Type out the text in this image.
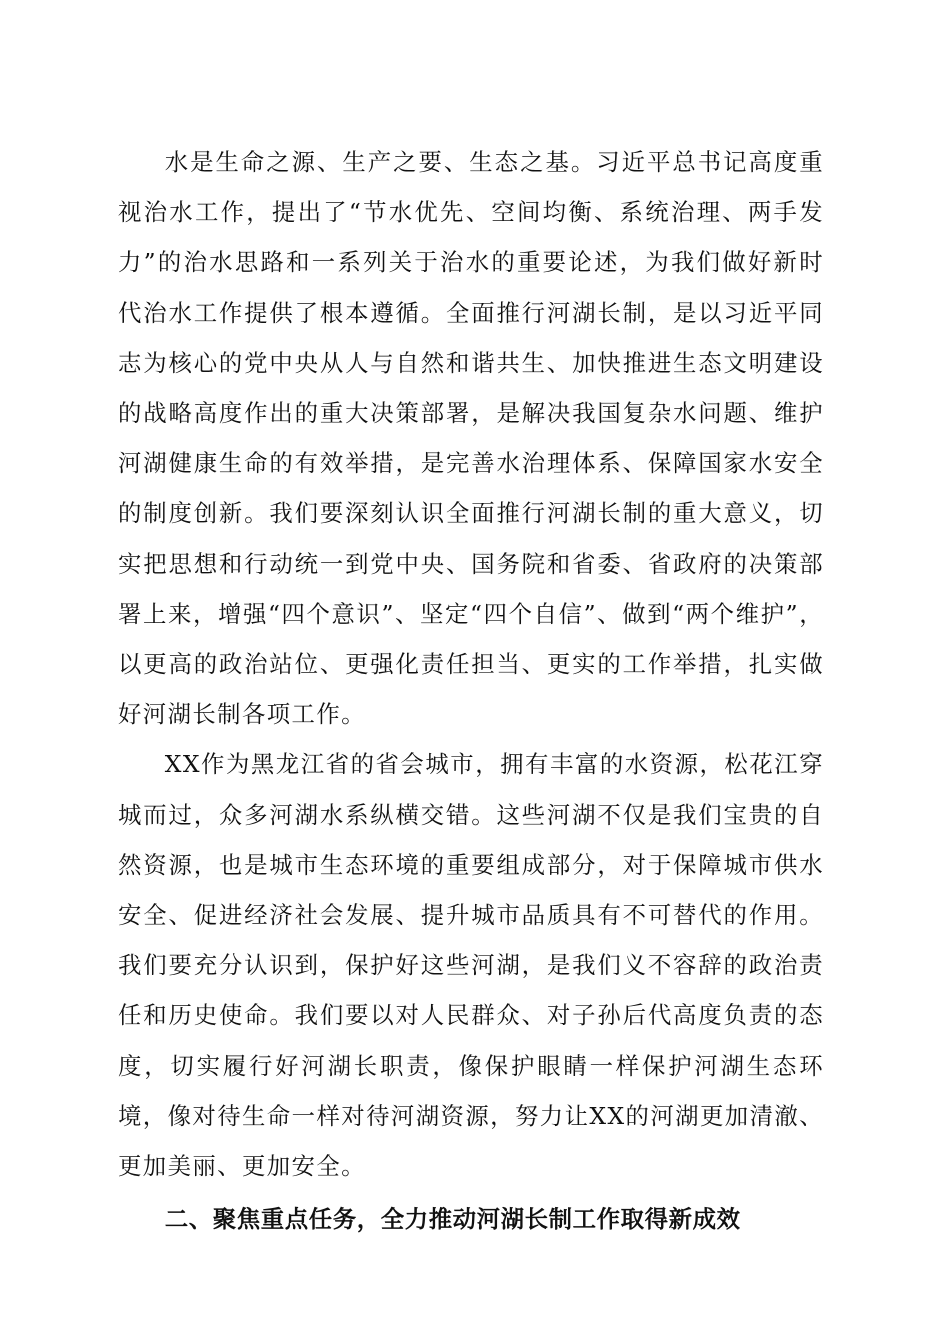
水是生命之源、生产之要、生态之基。习近平总书记高度重视治水工作，提出了“节水优先、空间均衡、系统治理、两手发力”的治水思路和一系列关于治水的重要论述，为我们做好新时代治水工作提供了根本遵循。全面推行河湖长制，是以习近平同志为核心的党中央从人与自然和谐共生、加快推进生态文明建设的战略高度作出的重大决策部署，是解决我国复杂水问题、维护河湖健康生命的有效举措，是完善水治理体系、保障国家水安全的制度创新。我们要深刻认识全面推行河湖长制的重大意义，切实把思想和行动统一到党中央、国务院和省委、省政府的决策部署上来，增强“四个意识”、坚定“四个自信”、做到“两个维护”，以更高的政治站位、更强化责任担当、更实的工作举措，扎实做好河湖长制各项工作。

XX作为黑龙江省的省会城市，拥有丰富的水资源，松花江穿城而过，众多河湖水系纵横交错。这些河湖不仅是我们宝贵的自然资源，也是城市生态环境的重要组成部分，对于保障城市供水安全、促进经济社会发展、提升城市品质具有不可替代的作用。我们要充分认识到，保护好这些河湖，是我们义不容辞的政治责任和历史使命。我们要以对人民群众、对子孙后代高度负责的态度，切实履行好河湖长职责，像保护眼睛一样保护河湖生态环境，像对待生命一样对待河湖资源，努力让XX的河湖更加清澈、更加美丽、更加安全。

二、聚焦重点任务，全力推动河湖长制工作取得新成效
